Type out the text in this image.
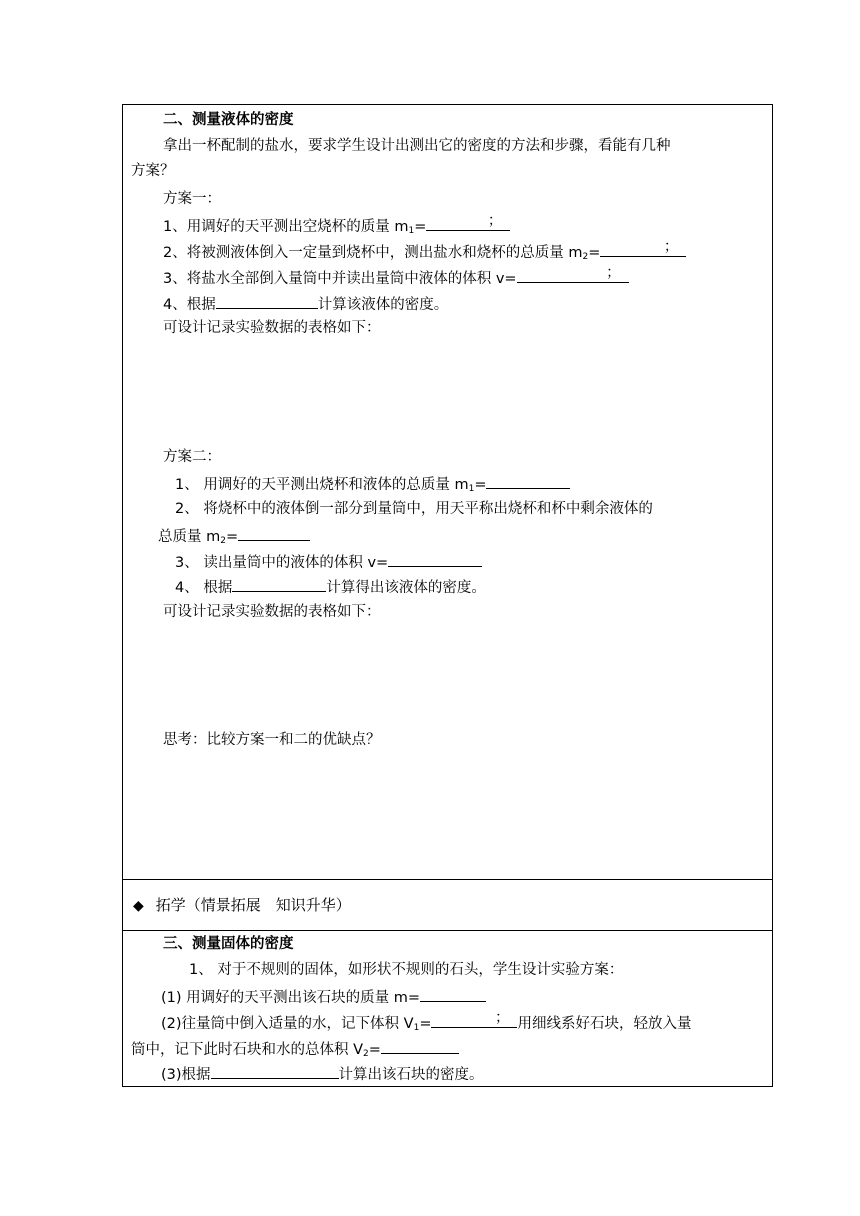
二、测量液体的密度
拿出一杯配制的盐水，要求学生设计出测出它的密度的方法和步骤，看能有几种
方案？
方案一：
1、用调好的天平测出空烧杯的质量 $m_1=$	；
2、将被测液体倒入一定量到烧杯中，测出盐水和烧杯的总质量 $m_2=$	；
3、将盐水全部倒入量筒中并读出量筒中液体的体积 v=	；
4、根据	计算该液体的密度。
可设计记录实验数据的表格如下：
方案二：
1、 用调好的天平测出烧杯和液体的总质量 $m_1=$
2、 将烧杯中的液体倒一部分到量筒中，用天平称出烧杯和杯中剩余液体的
总质量 $m_2=$
3、 读出量筒中的液体的体积 v=
4、 根据	计算得出该液体的密度。
可设计记录实验数据的表格如下：
思考：比较方案一和二的优缺点？
◆ 拓学（情景拓展　知识升华）
三、测量固体的密度
1、 对于不规则的固体，如形状不规则的石头，学生设计实验方案：
(1) 用调好的天平测出该石块的质量 m=
(2)往量筒中倒入适量的水，记下体积 $V_1=$	； 用细线系好石块，轻放入量
筒中，记下此时石块和水的总体积 $V_2=$
(3)根据	计算出该石块的密度。
